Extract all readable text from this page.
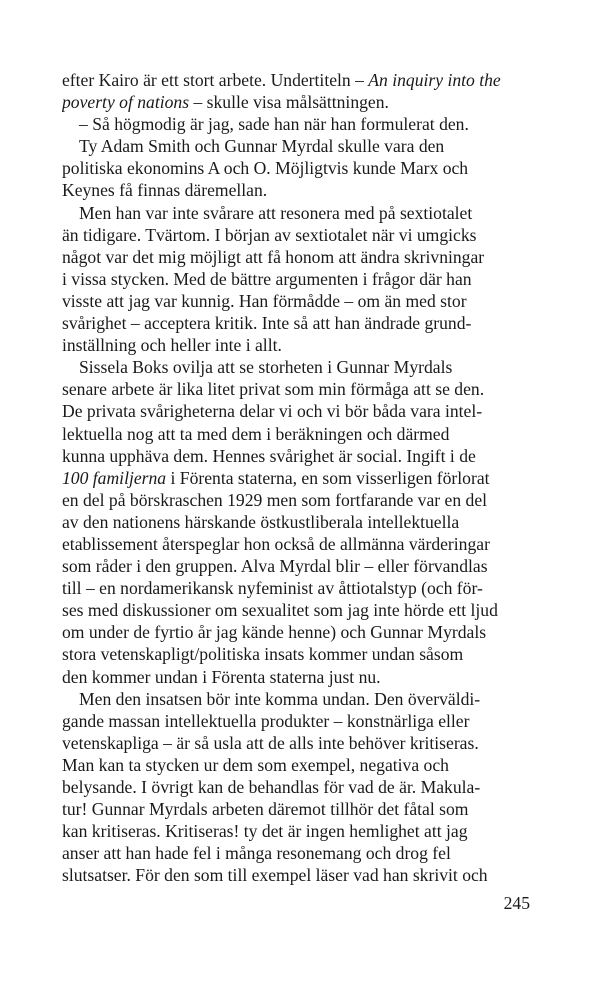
efter Kairo är ett stort arbete. Undertiteln – An inquiry into the
poverty of nations – skulle visa målsättningen.
– Så högmodig är jag, sade han när han formulerat den.
Ty Adam Smith och Gunnar Myrdal skulle vara den
politiska ekonomins A och O. Möjligtvis kunde Marx och
Keynes få finnas däremellan.
Men han var inte svårare att resonera med på sextiotalet
än tidigare. Tvärtom. I början av sextiotalet när vi umgicks
något var det mig möjligt att få honom att ändra skrivningar
i vissa stycken. Med de bättre argumenten i frågor där han
visste att jag var kunnig. Han förmådde – om än med stor
svårighet – acceptera kritik. Inte så att han ändrade grund-
inställning och heller inte i allt.
Sissela Boks ovilja att se storheten i Gunnar Myrdals
senare arbete är lika litet privat som min förmåga att se den.
De privata svårigheterna delar vi och vi bör båda vara intel-
lektuella nog att ta med dem i beräkningen och därmed
kunna upphäva dem. Hennes svårighet är social. Ingift i de
100 familjerna i Förenta staterna, en som visserligen förlorat
en del på börskraschen 1929 men som fortfarande var en del
av den nationens härskande östkustliberala intellektuella
etablissement återspeglar hon också de allmänna värderingar
som råder i den gruppen. Alva Myrdal blir – eller förvandlas
till – en nordamerikansk nyfeminist av åttiotalstyp (och för-
ses med diskussioner om sexualitet som jag inte hörde ett ljud
om under de fyrtio år jag kände henne) och Gunnar Myrdals
stora vetenskapligt/politiska insats kommer undan såsom
den kommer undan i Förenta staterna just nu.
Men den insatsen bör inte komma undan. Den överväldi-
gande massan intellektuella produkter – konstnärliga eller
vetenskapliga – är så usla att de alls inte behöver kritiseras.
Man kan ta stycken ur dem som exempel, negativa och
belysande. I övrigt kan de behandlas för vad de är. Makula-
tur! Gunnar Myrdals arbeten däremot tillhör det fåtal som
kan kritiseras. Kritiseras! ty det är ingen hemlighet att jag
anser att han hade fel i många resonemang och drog fel
slutsatser. För den som till exempel läser vad han skrivit och
245
